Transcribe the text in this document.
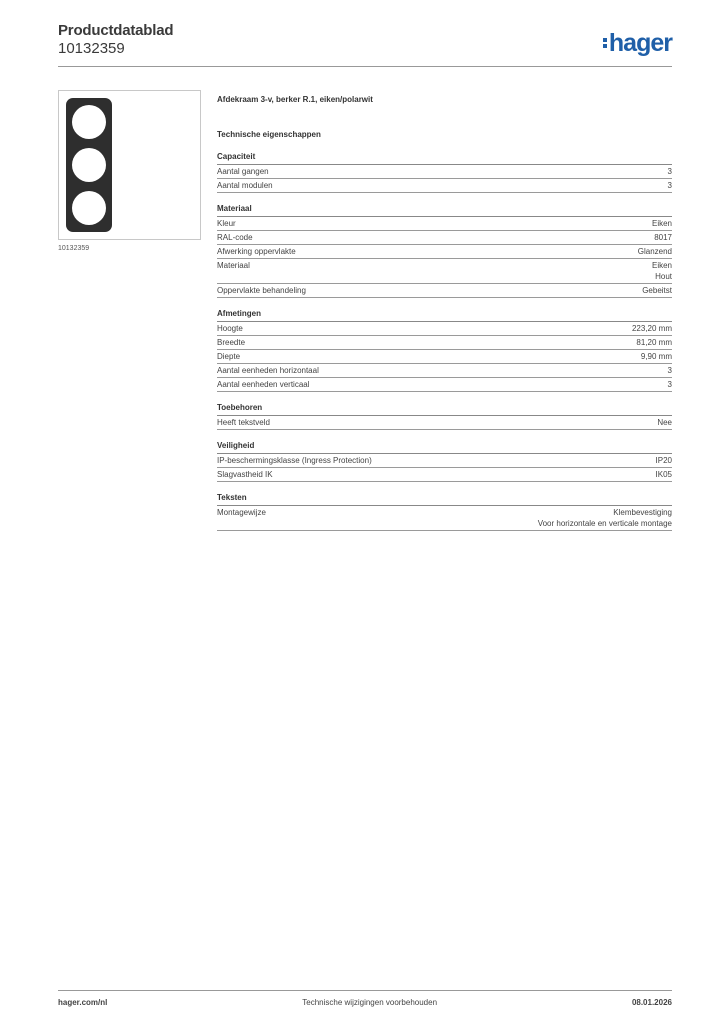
Productdatablad
10132359	hager
10132359
Afdekraam 3-v, berker R.1, eiken/polarwit
Technische eigenschappen
Capaciteit
Aantal gangen	3
Aantal modulen	3
Materiaal
Kleur	Eiken
RAL-code	8017
Afwerking oppervlakte	Glanzend
Materiaal	Eiken
Hout
Oppervlakte behandeling	Gebeitst
Afmetingen
Hoogte	223,20 mm
Breedte	81,20 mm
Diepte	9,90 mm
Aantal eenheden horizontaal	3
Aantal eenheden verticaal	3
Toebehoren
Heeft tekstveld	Nee
Veiligheid
IP-beschermingsklasse (Ingress Protection)	IP20
Slagvastheid IK	IK05
Teksten
Montagewijze	Klembevestiging
Voor horizontale en verticale montage
hager.com/nl	Technische wijzigingen voorbehouden	08.01.2026
